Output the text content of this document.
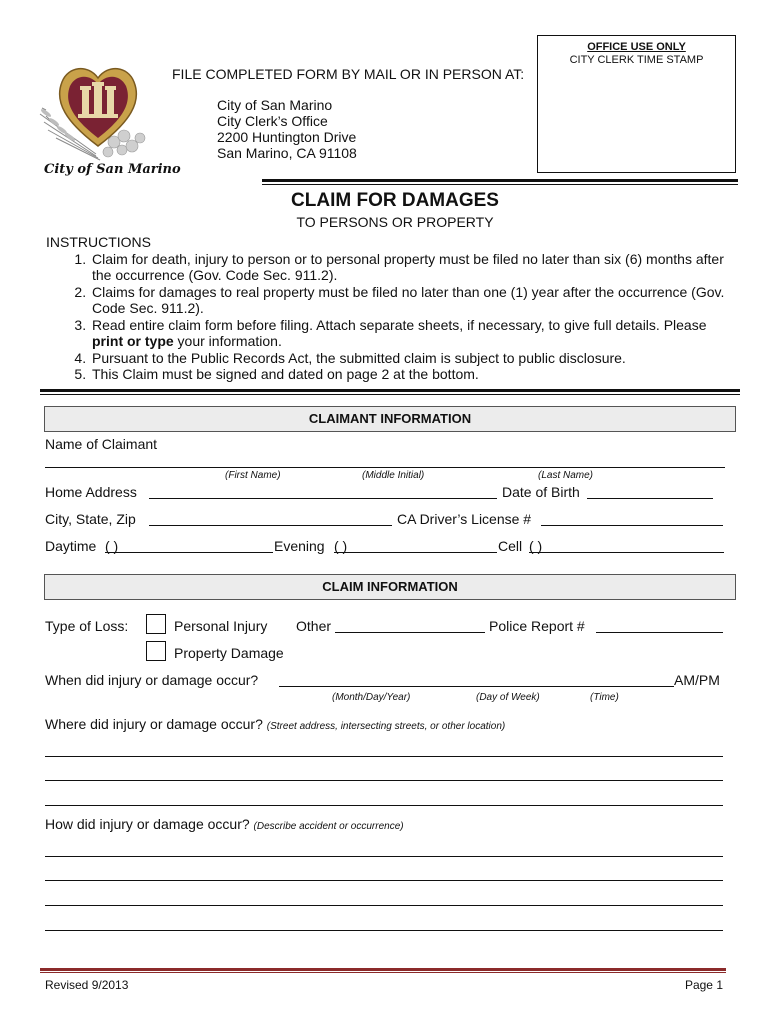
City of San Marino
FILE COMPLETED FORM BY MAIL OR IN PERSON AT:
City of San Marino
City Clerk’s Office
2200 Huntington Drive
San Marino, CA 91108
OFFICE USE ONLY
CITY CLERK TIME STAMP
CLAIM FOR DAMAGES
TO PERSONS OR PROPERTY
INSTRUCTIONS
1. Claim for death, injury to person or to personal property must be filed no later than six (6) months after the occurrence (Gov. Code Sec. 911.2).
2. Claims for damages to real property must be filed no later than one (1) year after the occurrence (Gov. Code Sec. 911.2).
3. Read entire claim form before filing. Attach separate sheets, if necessary, to give full details. Please
print or type your information.
4. Pursuant to the Public Records Act, the submitted claim is subject to public disclosure.
5. This Claim must be signed and dated on page 2 at the bottom.
CLAIMANT INFORMATION
Name of Claimant
(First Name)	(Middle Initial)	(Last Name)
Home Address	Date of Birth
City, State, Zip	CA Driver’s License #
Daytime ( )	Evening ( )	Cell ( )
CLAIM INFORMATION
Type of Loss:	Personal Injury Other	Police Report #
Property Damage
When did injury or damage occur?	AM/PM
(Month/Day/Year)	(Day of Week)	(Time)
Where did injury or damage occur? (Street address, intersecting streets, or other location)
How did injury or damage occur? (Describe accident or occurrence)
Revised 9/2013	Page 1
